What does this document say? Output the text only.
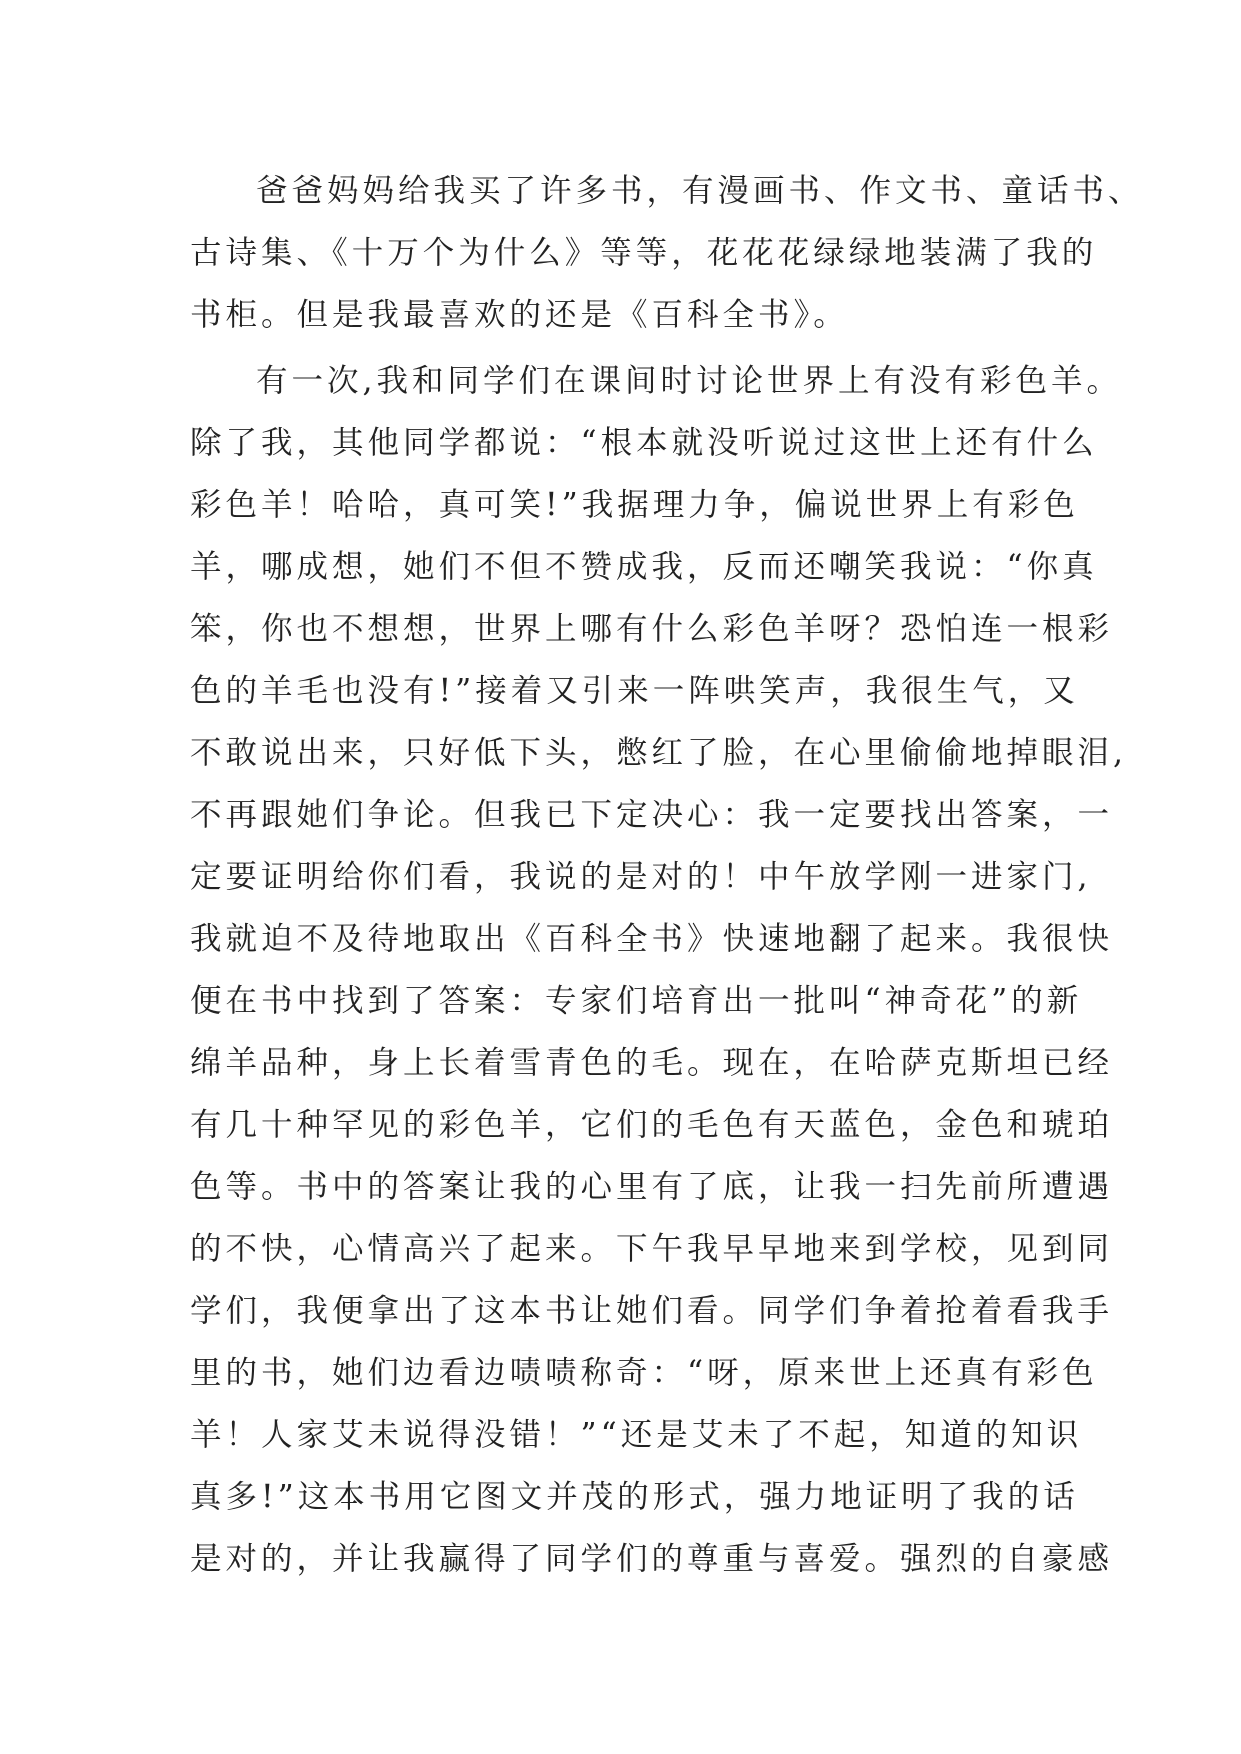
爸爸妈妈给我买了许多书，有漫画书、作文书、童话书、
古诗集、《十万个为什么》等等，花花花绿绿地装满了我的
书柜。但是我最喜欢的还是《百科全书》。
有一次,我和同学们在课间时讨论世界上有没有彩色羊。
除了我，其他同学都说：“根本就没听说过这世上还有什么
彩色羊！哈哈，真可笑!”我据理力争，偏说世界上有彩色
羊，哪成想，她们不但不赞成我，反而还嘲笑我说：“你真
笨，你也不想想，世界上哪有什么彩色羊呀？恐怕连一根彩
色的羊毛也没有!”接着又引来一阵哄笑声，我很生气，又
不敢说出来，只好低下头，憋红了脸，在心里偷偷地掉眼泪,
不再跟她们争论。但我已下定决心：我一定要找出答案，一
定要证明给你们看，我说的是对的！中午放学刚一进家门,
我就迫不及待地取出《百科全书》快速地翻了起来。我很快
便在书中找到了答案：专家们培育出一批叫“神奇花”的新
绵羊品种，身上长着雪青色的毛。现在，在哈萨克斯坦已经
有几十种罕见的彩色羊，它们的毛色有天蓝色，金色和琥珀
色等。书中的答案让我的心里有了底，让我一扫先前所遭遇
的不快，心情高兴了起来。下午我早早地来到学校，见到同
学们，我便拿出了这本书让她们看。同学们争着抢着看我手
里的书，她们边看边啧啧称奇：“呀，原来世上还真有彩色
羊！人家艾未说得没错！”“还是艾未了不起，知道的知识
真多!”这本书用它图文并茂的形式，强力地证明了我的话
是对的，并让我赢得了同学们的尊重与喜爱。强烈的自豪感
